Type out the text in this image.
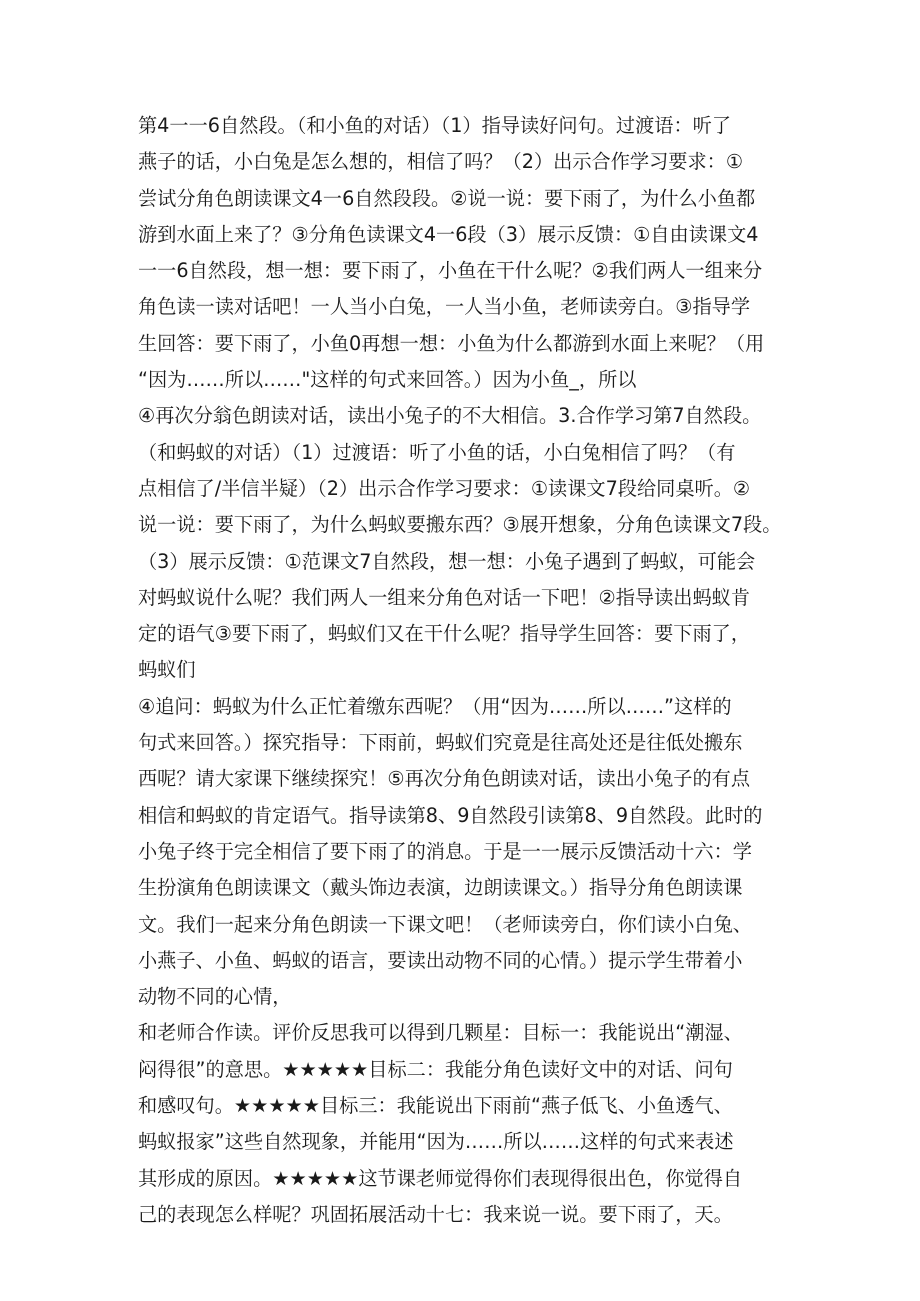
第4一一6自然段。（和小鱼的对话）（1）指导读好问句。过渡语：听了
燕子的话，小白兔是怎么想的，相信了吗？（2）出示合作学习要求：①
尝试分角色朗读课文4一6自然段段。②说一说：要下雨了，为什么小鱼都
游到水面上来了？③分角色读课文4一6段（3）展示反馈：①自由读课文4
一一6自然段，想一想：要下雨了，小鱼在干什么呢？②我们两人一组来分
角色读一读对话吧！一人当小白兔，一人当小鱼，老师读旁白。③指导学
生回答：要下雨了，小鱼0再想一想：小鱼为什么都游到水面上来呢？（用
“因为……所以……"这样的句式来回答。）因为小鱼_，所以
④再次分翁色朗读对话，读出小兔子的不大相信。3.合作学习第7自然段。
（和蚂蚁的对话）（1）过渡语：听了小鱼的话，小白兔相信了吗？（有
点相信了/半信半疑）（2）出示合作学习要求：①读课文7段给同桌听。②
说一说：要下雨了，为什么蚂蚁要搬东西？③展开想象，分角色读课文7段。
（3）展示反馈：①范课文7自然段，想一想：小兔子遇到了蚂蚁，可能会
对蚂蚁说什么呢？我们两人一组来分角色对话一下吧！②指导读出蚂蚁肯
定的语气③要下雨了，蚂蚁们又在干什么呢？指导学生回答：要下雨了，
蚂蚁们
④追问：蚂蚁为什么正忙着缴东西呢？（用“因为……所以……”这样的
句式来回答。）探究指导：下雨前，蚂蚁们究竟是往高处还是往低处搬东
西呢？请大家课下继续探究！⑤再次分角色朗读对话，读出小兔子的有点
相信和蚂蚁的肯定语气。指导读第8、9自然段引读第8、9自然段。此时的
小兔子终于完全相信了要下雨了的消息。于是一一展示反馈活动十六：学
生扮演角色朗读课文（戴头饰边表演，边朗读课文。）指导分角色朗读课
文。我们一起来分角色朗读一下课文吧！（老师读旁白，你们读小白兔、
小燕子、小鱼、蚂蚁的语言，要读出动物不同的心情。）提示学生带着小
动物不同的心情，
和老师合作读。评价反思我可以得到几颗星：目标一：我能说出“潮湿、
闷得很”的意思。★★★★★目标二：我能分角色读好文中的对话、问句
和感叹句。★★★★★目标三：我能说出下雨前“燕子低飞、小鱼透气、
蚂蚁报家”这些自然现象，并能用“因为……所以……这样的句式来表述
其形成的原因。★★★★★这节课老师觉得你们表现得很出色，你觉得自
己的表现怎么样呢？巩固拓展活动十七：我来说一说。要下雨了，天。
